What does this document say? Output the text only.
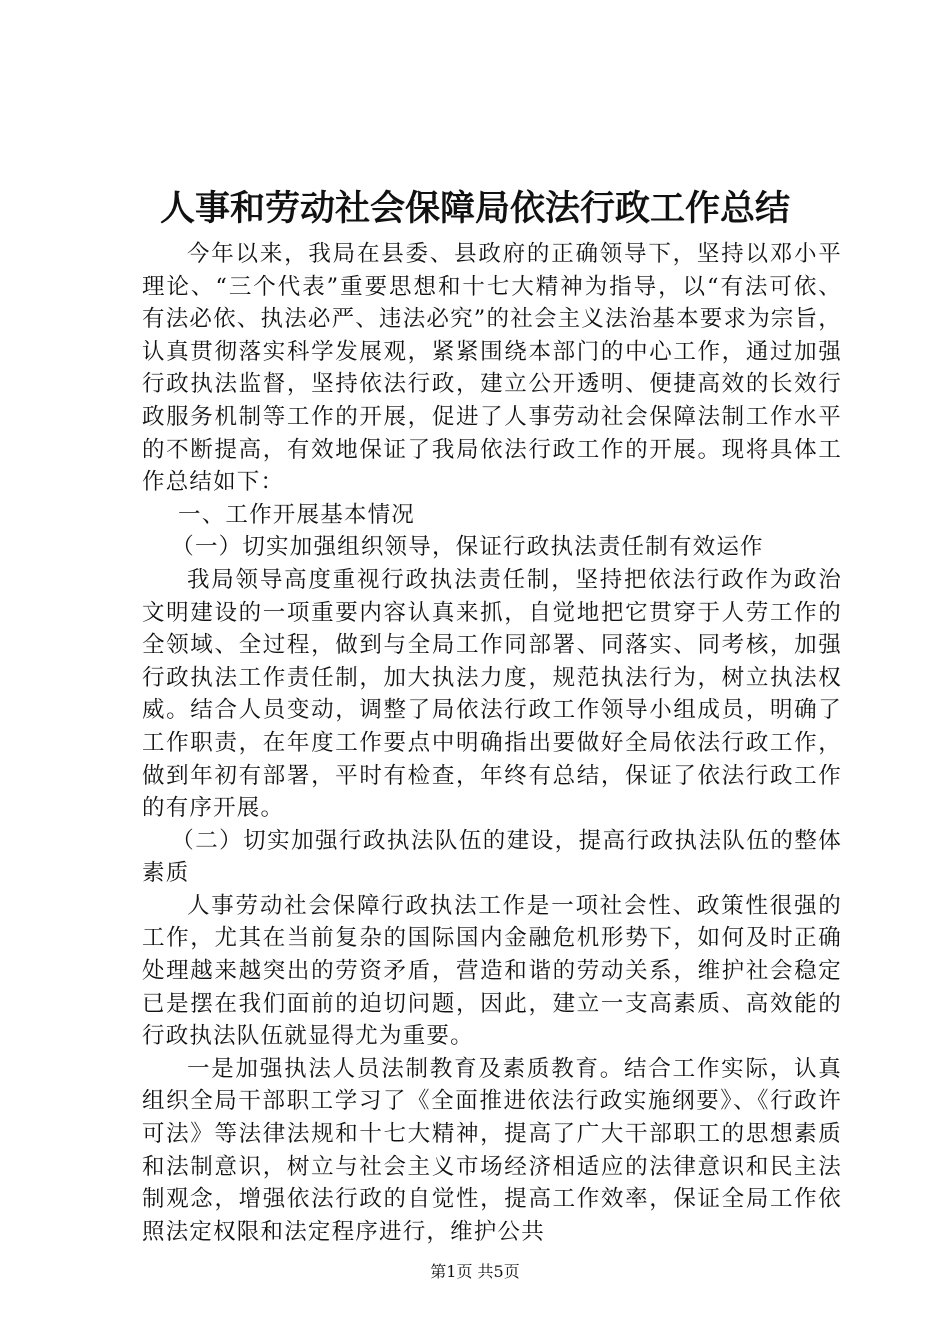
人事和劳动社会保障局依法行政工作总结

今年以来，我局在县委、县政府的正确领导下，坚持以邓小平理论、“三个代表”重要思想和十七大精神为指导，以“有法可依、有法必依、执法必严、违法必究”的社会主义法治基本要求为宗旨，认真贯彻落实科学发展观，紧紧围绕本部门的中心工作，通过加强行政执法监督，坚持依法行政，建立公开透明、便捷高效的长效行政服务机制等工作的开展，促进了人事劳动社会保障法制工作水平的不断提高，有效地保证了我局依法行政工作的开展。现将具体工作总结如下：

一、工作开展基本情况

（一）切实加强组织领导，保证行政执法责任制有效运作

我局领导高度重视行政执法责任制，坚持把依法行政作为政治文明建设的一项重要内容认真来抓，自觉地把它贯穿于人劳工作的全领域、全过程，做到与全局工作同部署、同落实、同考核，加强行政执法工作责任制，加大执法力度，规范执法行为，树立执法权威。结合人员变动，调整了局依法行政工作领导小组成员，明确了工作职责，在年度工作要点中明确指出要做好全局依法行政工作，做到年初有部署，平时有检查，年终有总结，保证了依法行政工作的有序开展。

（二）切实加强行政执法队伍的建设，提高行政执法队伍的整体素质

人事劳动社会保障行政执法工作是一项社会性、政策性很强的工作，尤其在当前复杂的国际国内金融危机形势下，如何及时正确处理越来越突出的劳资矛盾，营造和谐的劳动关系，维护社会稳定已是摆在我们面前的迫切问题，因此，建立一支高素质、高效能的行政执法队伍就显得尤为重要。

一是加强执法人员法制教育及素质教育。结合工作实际，认真组织全局干部职工学习了《全面推进依法行政实施纲要》、《行政许可法》等法律法规和十七大精神，提高了广大干部职工的思想素质和法制意识，树立与社会主义市场经济相适应的法律意识和民主法制观念，增强依法行政的自觉性，提高工作效率，保证全局工作依照法定权限和法定程序进行，维护公共

第1页 共5页
